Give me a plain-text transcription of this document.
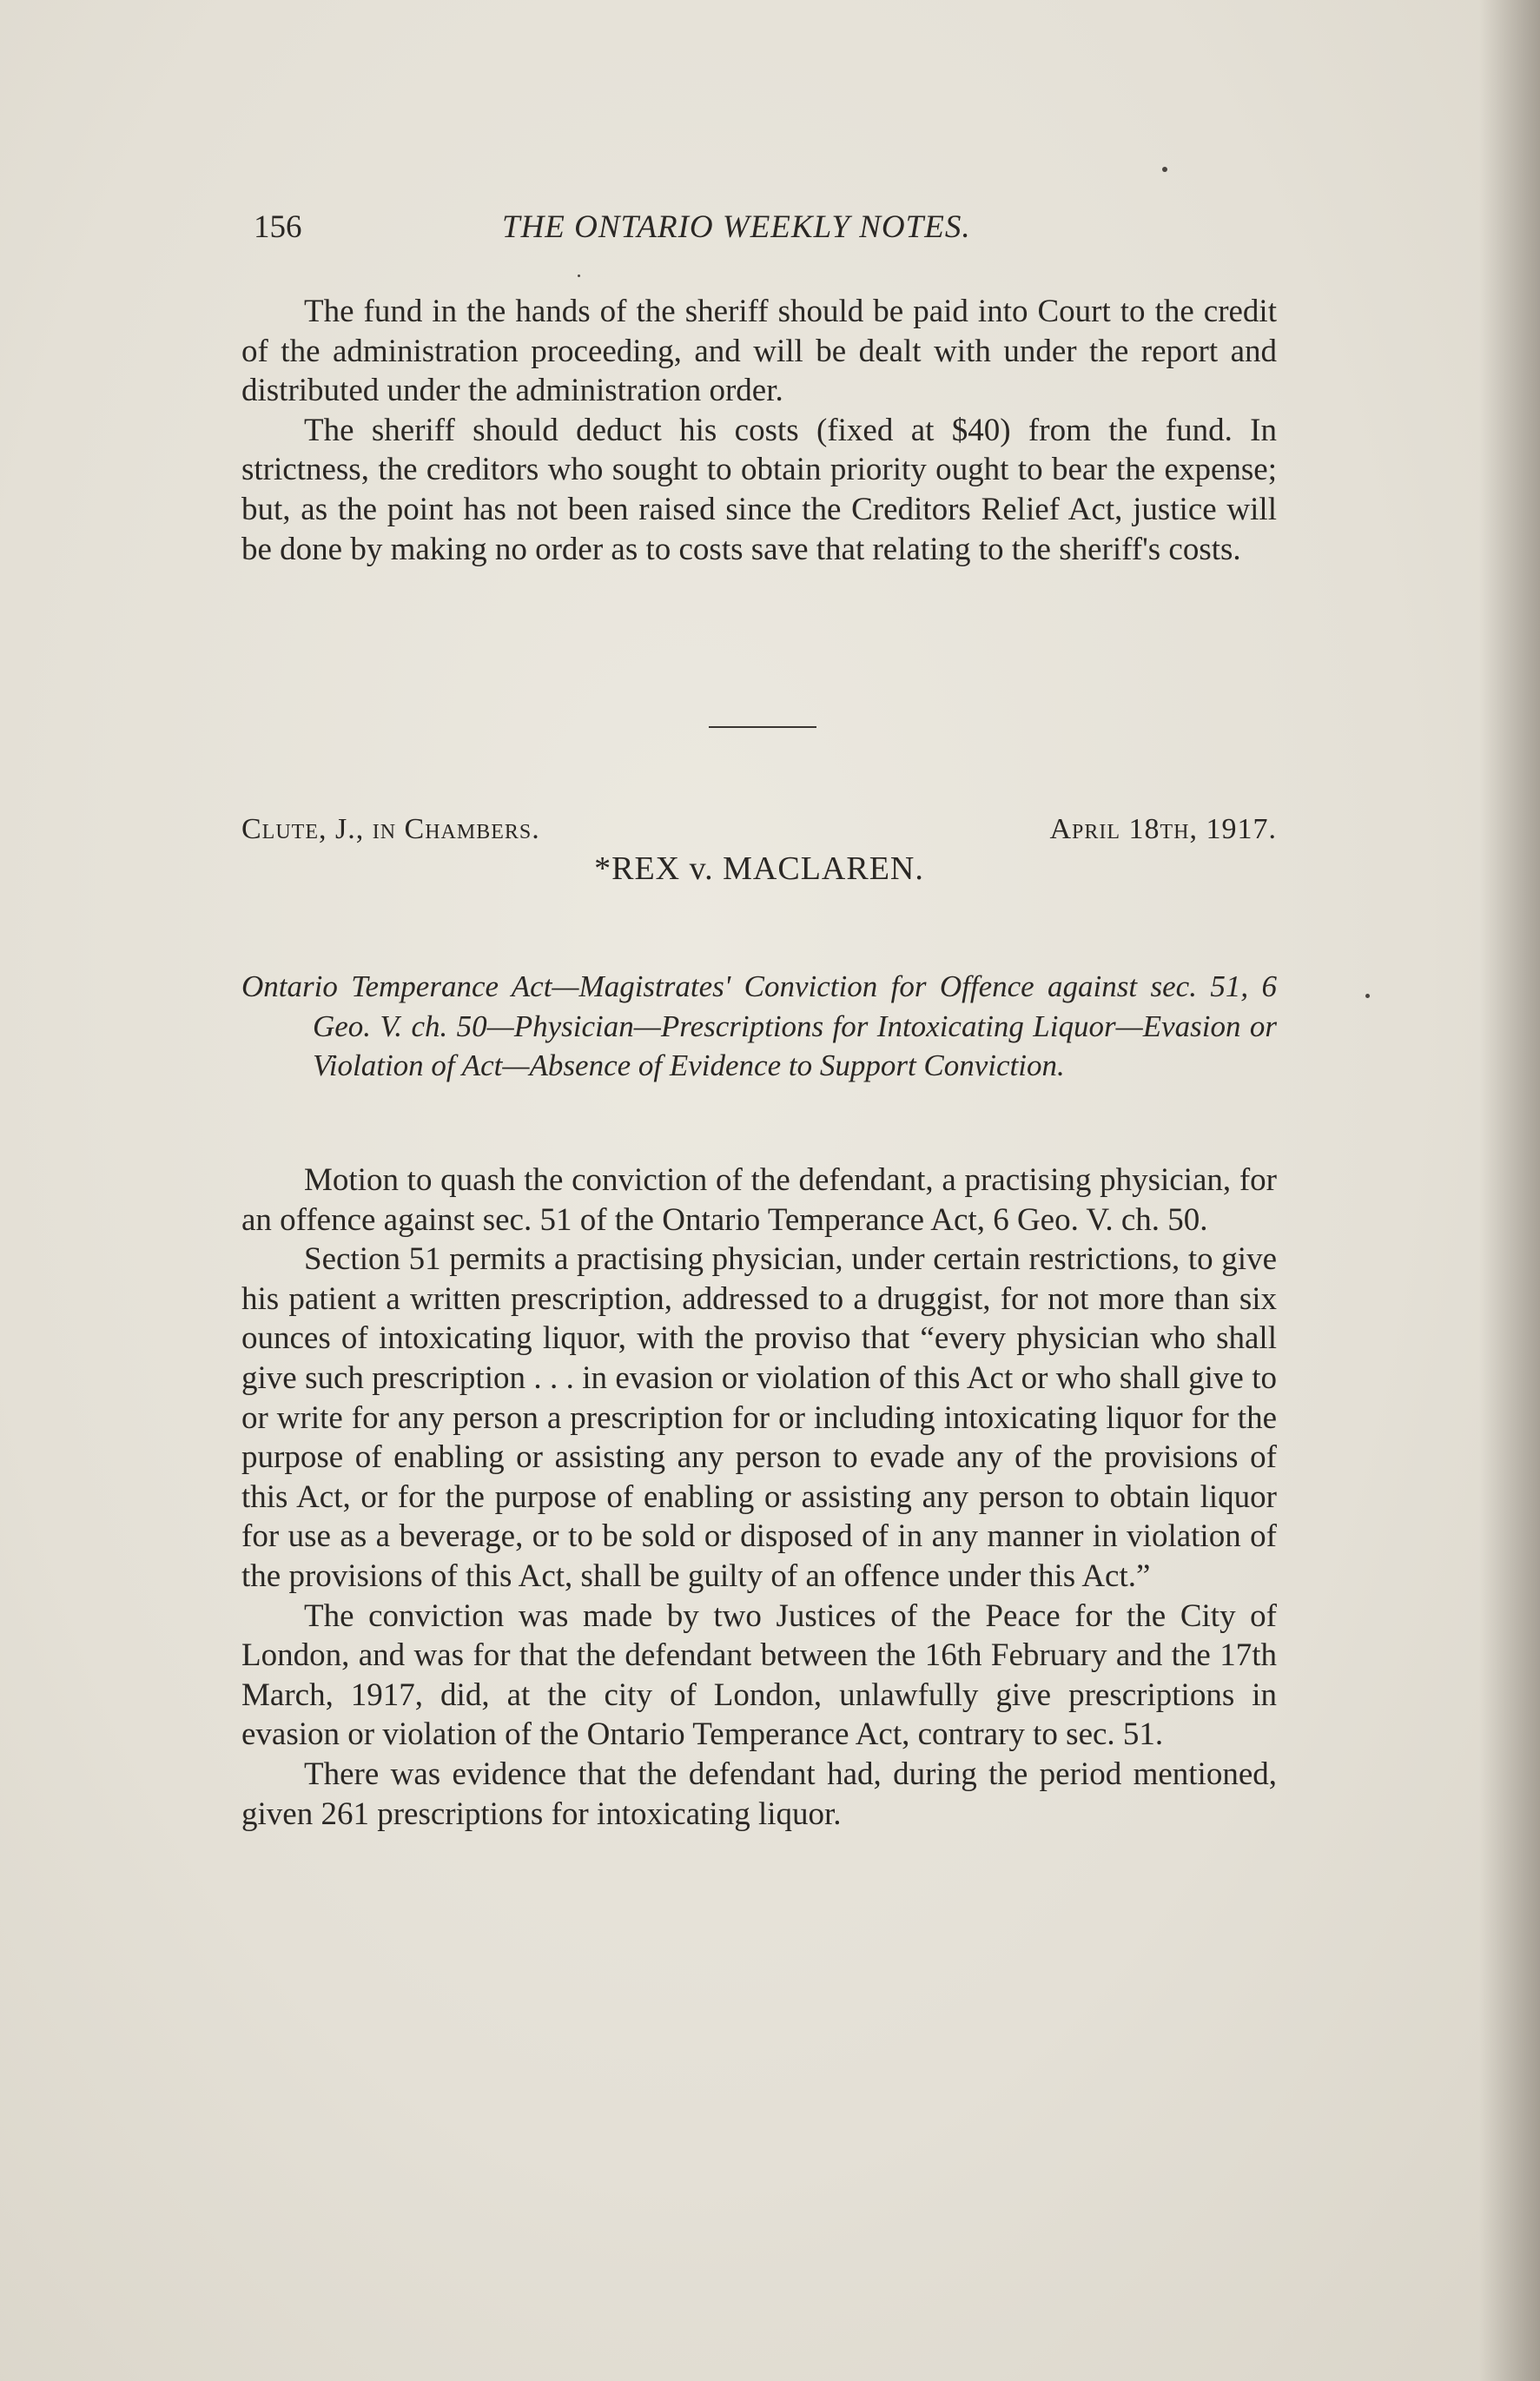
156	THE ONTARIO WEEKLY NOTES.

The fund in the hands of the sheriff should be paid into Court to the credit of the administration proceeding, and will be dealt with under the report and distributed under the administration order.

The sheriff should deduct his costs (fixed at $40) from the fund. In strictness, the creditors who sought to obtain priority ought to bear the expense; but, as the point has not been raised since the Creditors Relief Act, justice will be done by making no order as to costs save that relating to the sheriff's costs.

Clute, J., in Chambers.	April 18th, 1917.
*REX v. MACLAREN.
Ontario Temperance Act—Magistrates' Conviction for Offence against sec. 51, 6 Geo. V. ch. 50—Physician—Prescriptions for Intoxicating Liquor—Evasion or Violation of Act—Absence of Evidence to Support Conviction.

Motion to quash the conviction of the defendant, a practising physician, for an offence against sec. 51 of the Ontario Temperance Act, 6 Geo. V. ch. 50.

Section 51 permits a practising physician, under certain restrictions, to give his patient a written prescription, addressed to a druggist, for not more than six ounces of intoxicating liquor, with the proviso that “every physician who shall give such prescription . . . in evasion or violation of this Act or who shall give to or write for any person a prescription for or including intoxicating liquor for the purpose of enabling or assisting any person to evade any of the provisions of this Act, or for the purpose of enabling or assisting any person to obtain liquor for use as a beverage, or to be sold or disposed of in any manner in violation of the provisions of this Act, shall be guilty of an offence under this Act.”

The conviction was made by two Justices of the Peace for the City of London, and was for that the defendant between the 16th February and the 17th March, 1917, did, at the city of London, unlawfully give prescriptions in evasion or violation of the Ontario Temperance Act, contrary to sec. 51.

There was evidence that the defendant had, during the period mentioned, given 261 prescriptions for intoxicating liquor.
